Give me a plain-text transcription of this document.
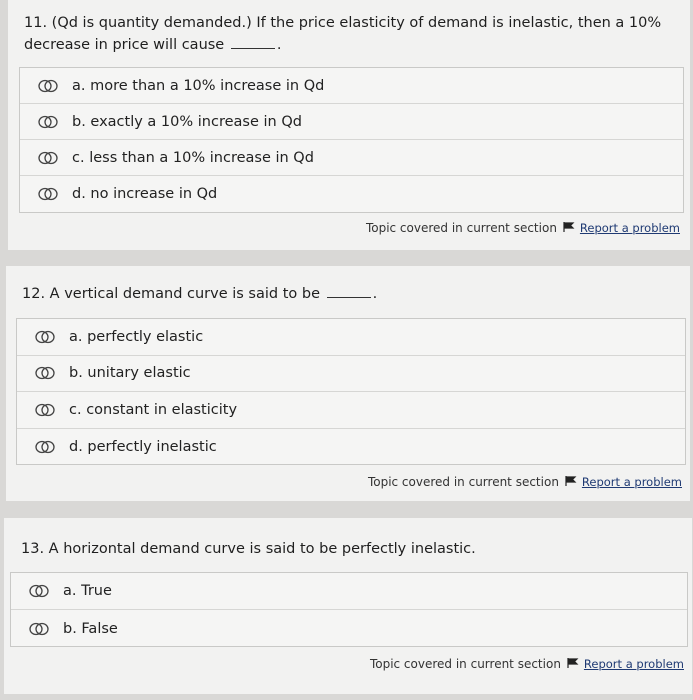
11. (Qd is quantity demanded.) If the price elasticity of demand is inelastic, then a 10% decrease in price will cause	.
a. more than a 10% increase in Qd
b. exactly a 10% increase in Qd
c. less than a 10% increase in Qd
d. no increase in Qd
Topic covered in current section Report a problem
12. A vertical demand curve is said to be	.
a. perfectly elastic
b. unitary elastic
c. constant in elasticity
d. perfectly inelastic
Topic covered in current section Report a problem
13. A horizontal demand curve is said to be perfectly inelastic.
a. True
b. False
Topic covered in current section Report a problem
